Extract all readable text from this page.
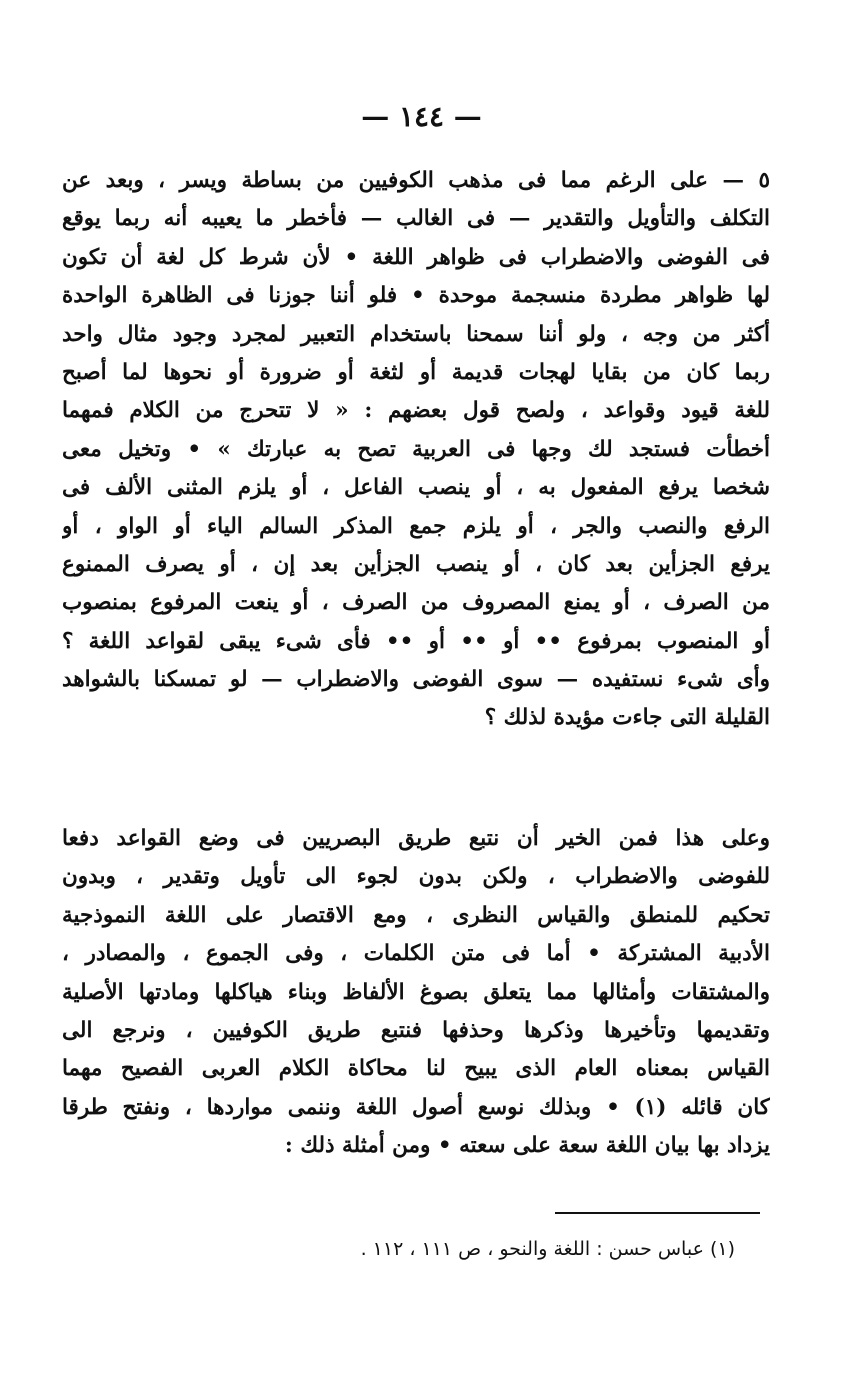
— ١٤٤ —
٥ — على الرغم مما فى مذهب الكوفيين من بساطة ويسر ، وبعد عن
التكلف والتأويل والتقدير — فى الغالب — فأخطر ما يعيبه أنه ربما يوقع
فى الفوضى والاضطراب فى ظواهر اللغة • لأن شرط كل لغة أن تكون
لها ظواهر مطردة منسجمة موحدة • فلو أننا جوزنا فى الظاهرة الواحدة
أكثر من وجه ، ولو أننا سمحنا باستخدام التعبير لمجرد وجود مثال واحد
ربما كان من بقايا لهجات قديمة أو لثغة أو ضرورة أو نحوها لما أصبح
للغة قيود وقواعد ، ولصح قول بعضهم : « لا تتحرج من الكلام فمهما
أخطأت فستجد لك وجها فى العربية تصح به عبارتك » • وتخيل معى
شخصا يرفع المفعول به ، أو ينصب الفاعل ، أو يلزم المثنى الألف فى
الرفع والنصب والجر ، أو يلزم جمع المذكر السالم الياء أو الواو ، أو
يرفع الجزأين بعد كان ، أو ينصب الجزأين بعد إن ، أو يصرف الممنوع
من الصرف ، أو يمنع المصروف من الصرف ، أو ينعت المرفوع بمنصوب
أو المنصوب بمرفوع •• أو •• أو •• فأى شىء يبقى لقواعد اللغة ؟
وأى شىء نستفيده — سوى الفوضى والاضطراب — لو تمسكنا بالشواهد
القليلة التى جاءت مؤيدة لذلك ؟
وعلى هذا فمن الخير أن نتبع طريق البصريين فى وضع القواعد دفعا
للفوضى والاضطراب ، ولكن بدون لجوء الى تأويل وتقدير ، وبدون
تحكيم للمنطق والقياس النظرى ، ومع الاقتصار على اللغة النموذجية
الأدبية المشتركة • أما فى متن الكلمات ، وفى الجموع ، والمصادر ،
والمشتقات وأمثالها مما يتعلق بصوغ الألفاظ وبناء هياكلها ومادتها الأصلية
وتقديمها وتأخيرها وذكرها وحذفها فنتبع طريق الكوفيين ، ونرجع الى
القياس بمعناه العام الذى يبيح لنا محاكاة الكلام العربى الفصيح مهما
كان قائله (١) • وبذلك نوسع أصول اللغة وننمى مواردها ، ونفتح طرقا
يزداد بها بيان اللغة سعة على سعته • ومن أمثلة ذلك :
(١) عباس حسن : اللغة والنحو ، ص ١١١ ، ١١٢ .
